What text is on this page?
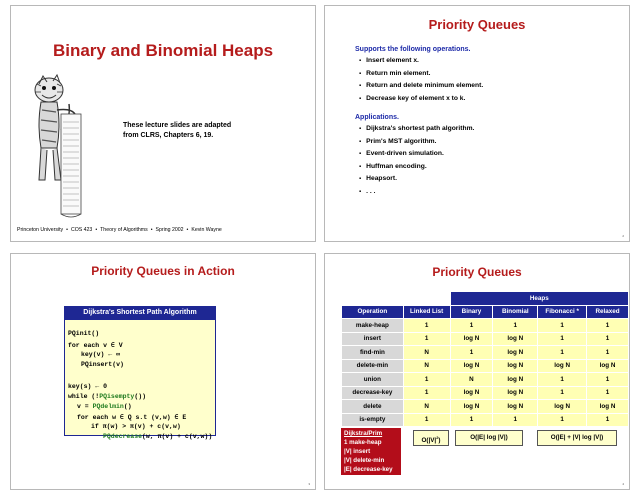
Binary and Binomial Heaps
These lecture slides are adapted
from CLRS, Chapters 6, 19.
Princeton University • COS 423 • Theory of Algorithms • Spring 2002 • Kevin Wayne
Priority Queues
Supports the following operations.
▪ Insert element x.
▪ Return min element.
▪ Return and delete minimum element.
▪ Decrease key of element x to k.
Applications.
▪ Dijkstra's shortest path algorithm.
▪ Prim's MST algorithm.
▪ Event-driven simulation.
▪ Huffman encoding.
▪ Heapsort.
▪ . . .
2
Priority Queues in Action
Dijkstra's Shortest Path Algorithm
PQinit()
for each v ∈ V
key(v) ← ∞
PQinsert(v)
key(s) ← 0
while (!PQisempty())
v = PQdelmin()
for each w ∈ Q s.t (v,w) ∈ E
if π(w) > π(v) + c(v,w)
PQdecrease(w, π(v) + c(v,w))
3
Priority Queues
		Heaps			
Operation	Linked List	Binary	Binomial	Fibonacci *	Relaxed
make-heap	1	1	1	1	1
insert	1	log N	log N	1	1
find-min	N	1	log N	1	1
delete-min	N	log N	log N	log N	log N
union	1	N	log N	1	1
decrease-key	1	log N	log N	1	1
delete	N	log N	log N	log N	log N
is-empty	1	1	1	1	1
Dijkstra/Prim
1 make-heap
|V| insert
|V| delete-min
|E| decrease-key
$O(|V|^2)$	O(|E| log |V|)	O(|E| + |V| log |V|)
4
